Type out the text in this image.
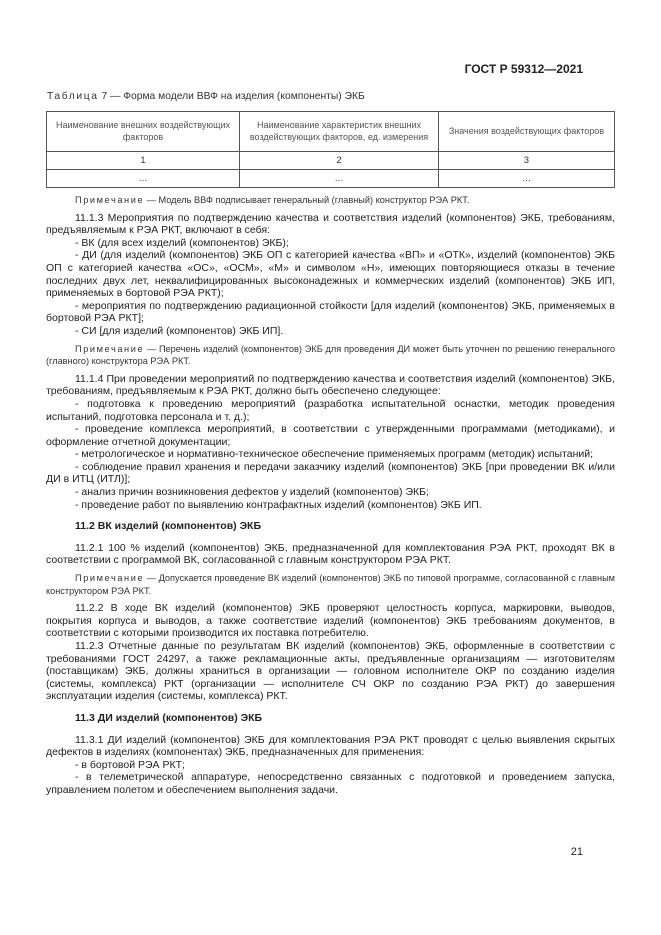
ГОСТ Р 59312—2021
Таблица 7 — Форма модели ВВФ на изделия (компоненты) ЭКБ
Наименование внешних воздействующих факторов	Наименование характеристик внешних воздействующих факторов, ед. измерения	Значения воздействующих факторов
1	2	3
…	…	…

Примечание — Модель ВВФ подписывает генеральный (главный) конструктор РЭА РКТ.

11.1.3 Мероприятия по подтверждению качества и соответствия изделий (компонентов) ЭКБ, требованиям, предъявляемым к РЭА РКТ, включают в себя:

- ВК (для всех изделий (компонентов) ЭКБ);

- ДИ (для изделий (компонентов) ЭКБ ОП с категорией качества «ВП» и «ОТК», изделий (компонентов) ЭКБ ОП с категорией качества «ОС», «ОСМ», «М» и символом «Н», имеющих повторяющиеся отказы в течение последних двух лет, неквалифицированных высоконадежных и коммерческих изделий (компонентов) ЭКБ ИП, применяемых в бортовой РЭА РКТ);

- мероприятия по подтверждению радиационной стойкости [для изделий (компонентов) ЭКБ, применяемых в бортовой РЭА РКТ];

- СИ [для изделий (компонентов) ЭКБ ИП].

Примечание — Перечень изделий (компонентов) ЭКБ для проведения ДИ может быть уточнен по решению генерального (главного) конструктора РЭА РКТ.

11.1.4 При проведении мероприятий по подтверждению качества и соответствия изделий (компонентов) ЭКБ, требованиям, предъявляемым к РЭА РКТ, должно быть обеспечено следующее:

- подготовка к проведению мероприятий (разработка испытательной оснастки, методик проведения испытаний, подготовка персонала и т. д.);

- проведение комплекса мероприятий, в соответствии с утвержденными программами (методиками), и оформление отчетной документации;

- метрологическое и нормативно-техническое обеспечение применяемых программ (методик) испытаний;

- соблюдение правил хранения и передачи заказчику изделий (компонентов) ЭКБ [при проведении ВК и/или ДИ в ИТЦ (ИТЛ)];

- анализ причин возникновения дефектов у изделий (компонентов) ЭКБ;

- проведение работ по выявлению контрафактных изделий (компонентов) ЭКБ ИП.

11.2 ВК изделий (компонентов) ЭКБ

11.2.1 100 % изделий (компонентов) ЭКБ, предназначенной для комплектования РЭА РКТ, проходят ВК в соответствии с программой ВК, согласованной с главным конструктором РЭА РКТ.

Примечание — Допускается проведение ВК изделий (компонентов) ЭКБ по типовой программе, согласованной с главным конструктором РЭА РКТ.

11.2.2 В ходе ВК изделий (компонентов) ЭКБ проверяют целостность корпуса, маркировки, выводов, покрытия корпуса и выводов, а также соответствие изделий (компонентов) ЭКБ требованиям документов, в соответствии с которыми производится их поставка потребителю.

11.2.3 Отчетные данные по результатам ВК изделий (компонентов) ЭКБ, оформленные в соответствии с требованиями ГОСТ 24297, а также рекламационные акты, предъявленные организациям — изготовителям (поставщикам) ЭКБ, должны храниться в организации — головном исполнителе ОКР по созданию изделия (системы, комплекса) РКТ (организации — исполнителе СЧ ОКР по созданию РЭА РКТ) до завершения эксплуатации изделия (системы, комплекса) РКТ.

11.3 ДИ изделий (компонентов) ЭКБ

11.3.1 ДИ изделий (компонентов) ЭКБ для комплектования РЭА РКТ проводят с целью выявления скрытых дефектов в изделиях (компонентах) ЭКБ, предназначенных для применения:

- в бортовой РЭА РКТ;

- в телеметрической аппаратуре, непосредственно связанных с подготовкой и проведением запуска, управлением полетом и обеспечением выполнения задачи.

21
